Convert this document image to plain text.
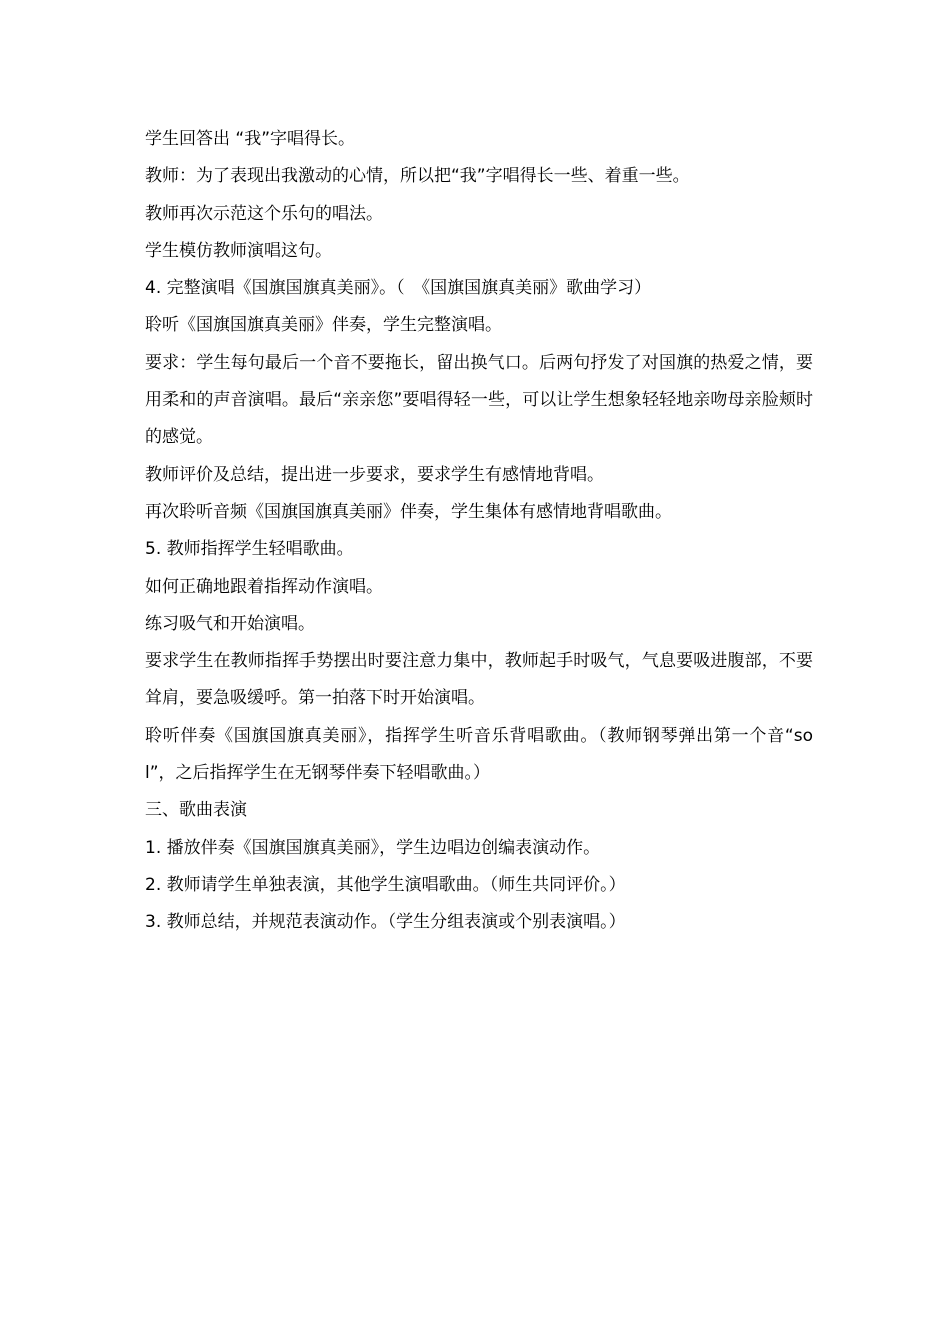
学生回答出 “我”字唱得长。

教师：为了表现出我激动的心情，所以把“我”字唱得长一些、着重一些。

教师再次示范这个乐句的唱法。

学生模仿教师演唱这句。

4. 完整演唱《国旗国旗真美丽》。（　《国旗国旗真美丽》歌曲学习）

聆听《国旗国旗真美丽》伴奏，学生完整演唱。

要求：学生每句最后一个音不要拖长，留出换气口。后两句抒发了对国旗的热爱之情，要用柔和的声音演唱。最后“亲亲您”要唱得轻一些，可以让学生想象轻轻地亲吻母亲脸颊时的感觉。

教师评价及总结，提出进一步要求，要求学生有感情地背唱。

再次聆听音频《国旗国旗真美丽》伴奏，学生集体有感情地背唱歌曲。

5. 教师指挥学生轻唱歌曲。

如何正确地跟着指挥动作演唱。

练习吸气和开始演唱。

要求学生在教师指挥手势摆出时要注意力集中，教师起手时吸气，气息要吸进腹部，不要耸肩，要急吸缓呼。第一拍落下时开始演唱。

聆听伴奏《国旗国旗真美丽》，指挥学生听音乐背唱歌曲。（教师钢琴弹出第一个音“sol”，之后指挥学生在无钢琴伴奏下轻唱歌曲。）

三、歌曲表演

1. 播放伴奏《国旗国旗真美丽》，学生边唱边创编表演动作。

2. 教师请学生单独表演，其他学生演唱歌曲。（师生共同评价。）

3. 教师总结，并规范表演动作。（学生分组表演或个别表演唱。）
